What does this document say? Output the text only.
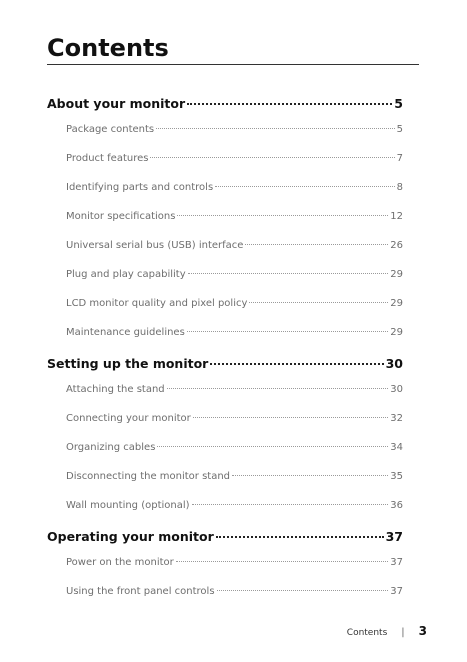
Contents
About your monitor	5
Package contents	5
Product features	7
Identifying parts and controls	8
Monitor specifications	12
Universal serial bus (USB) interface	26
Plug and play capability	29
LCD monitor quality and pixel policy	29
Maintenance guidelines	29
Setting up the monitor	30
Attaching the stand	30
Connecting your monitor	32
Organizing cables	34
Disconnecting the monitor stand	35
Wall mounting (optional)	36
Operating your monitor	37
Power on the monitor	37
Using the front panel controls	37
Contents | 3
